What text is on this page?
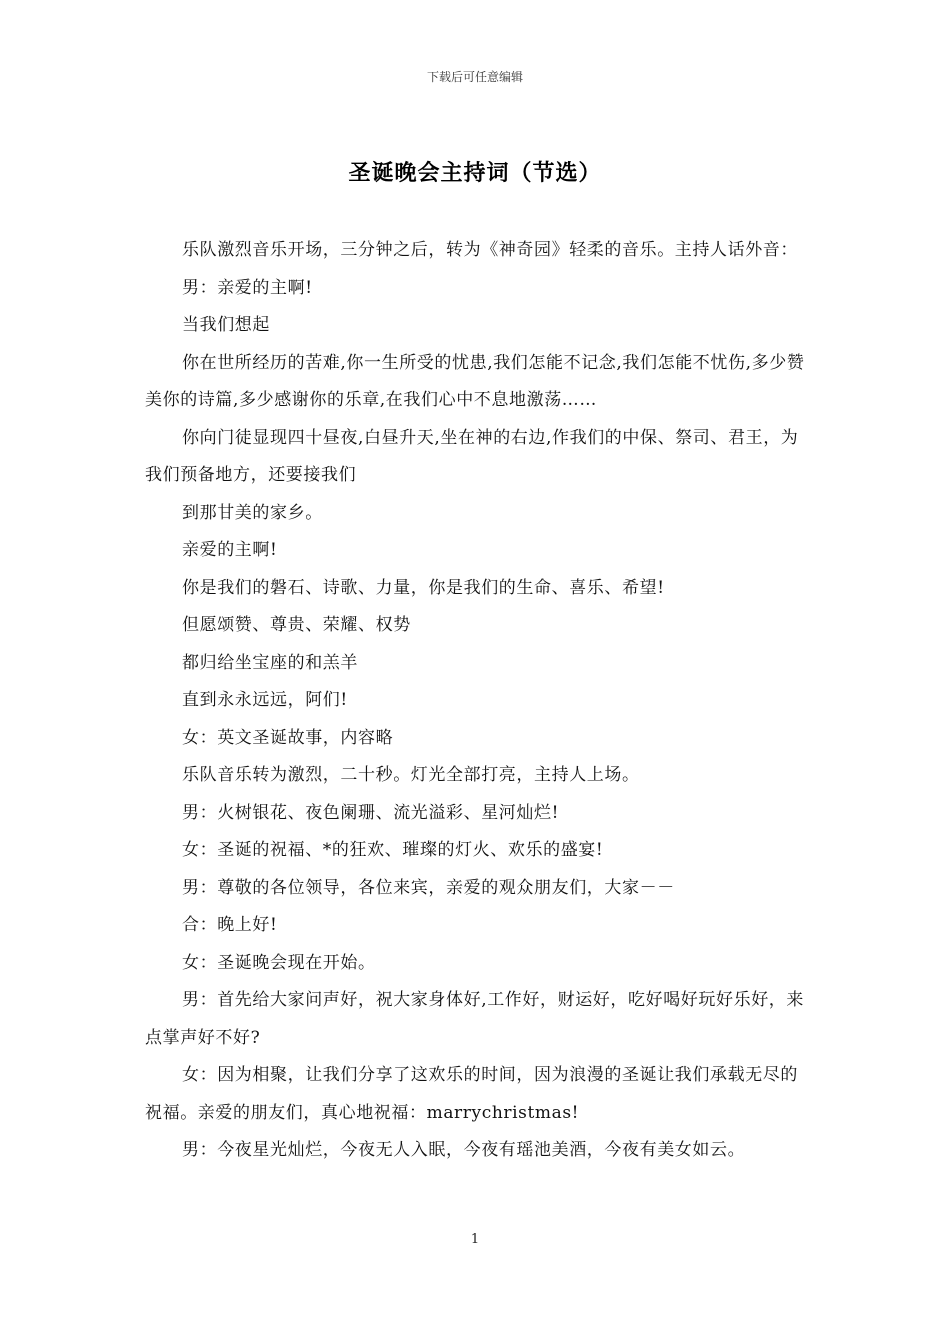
下载后可任意编辑
圣诞晚会主持词（节选）

乐队激烈音乐开场，三分钟之后，转为《神奇园》轻柔的音乐。主持人话外音：

男：亲爱的主啊!

当我们想起

你在世所经历的苦难,你一生所受的忧患,我们怎能不记念,我们怎能不忧伤,多少赞美你的诗篇,多少感谢你的乐章,在我们心中不息地激荡……

你向门徒显现四十昼夜,白昼升天,坐在神的右边,作我们的中保、祭司、君王，为我们预备地方，还要接我们

到那甘美的家乡。

亲爱的主啊!

你是我们的磐石、诗歌、力量，你是我们的生命、喜乐、希望!

但愿颂赞、尊贵、荣耀、权势

都归给坐宝座的和羔羊

直到永永远远，阿们!

女：英文圣诞故事，内容略

乐队音乐转为激烈，二十秒。灯光全部打亮，主持人上场。

男：火树银花、夜色阑珊、流光溢彩、星河灿烂!

女：圣诞的祝福、*的狂欢、璀璨的灯火、欢乐的盛宴!

男：尊敬的各位领导，各位来宾，亲爱的观众朋友们，大家－－

合：晚上好!

女：圣诞晚会现在开始。

男：首先给大家问声好，祝大家身体好,工作好，财运好，吃好喝好玩好乐好，来点掌声好不好?

女：因为相聚，让我们分享了这欢乐的时间，因为浪漫的圣诞让我们承载无尽的祝福。亲爱的朋友们，真心地祝福：marrychristmas!

男：今夜星光灿烂，今夜无人入眠，今夜有瑶池美酒，今夜有美女如云。

1
